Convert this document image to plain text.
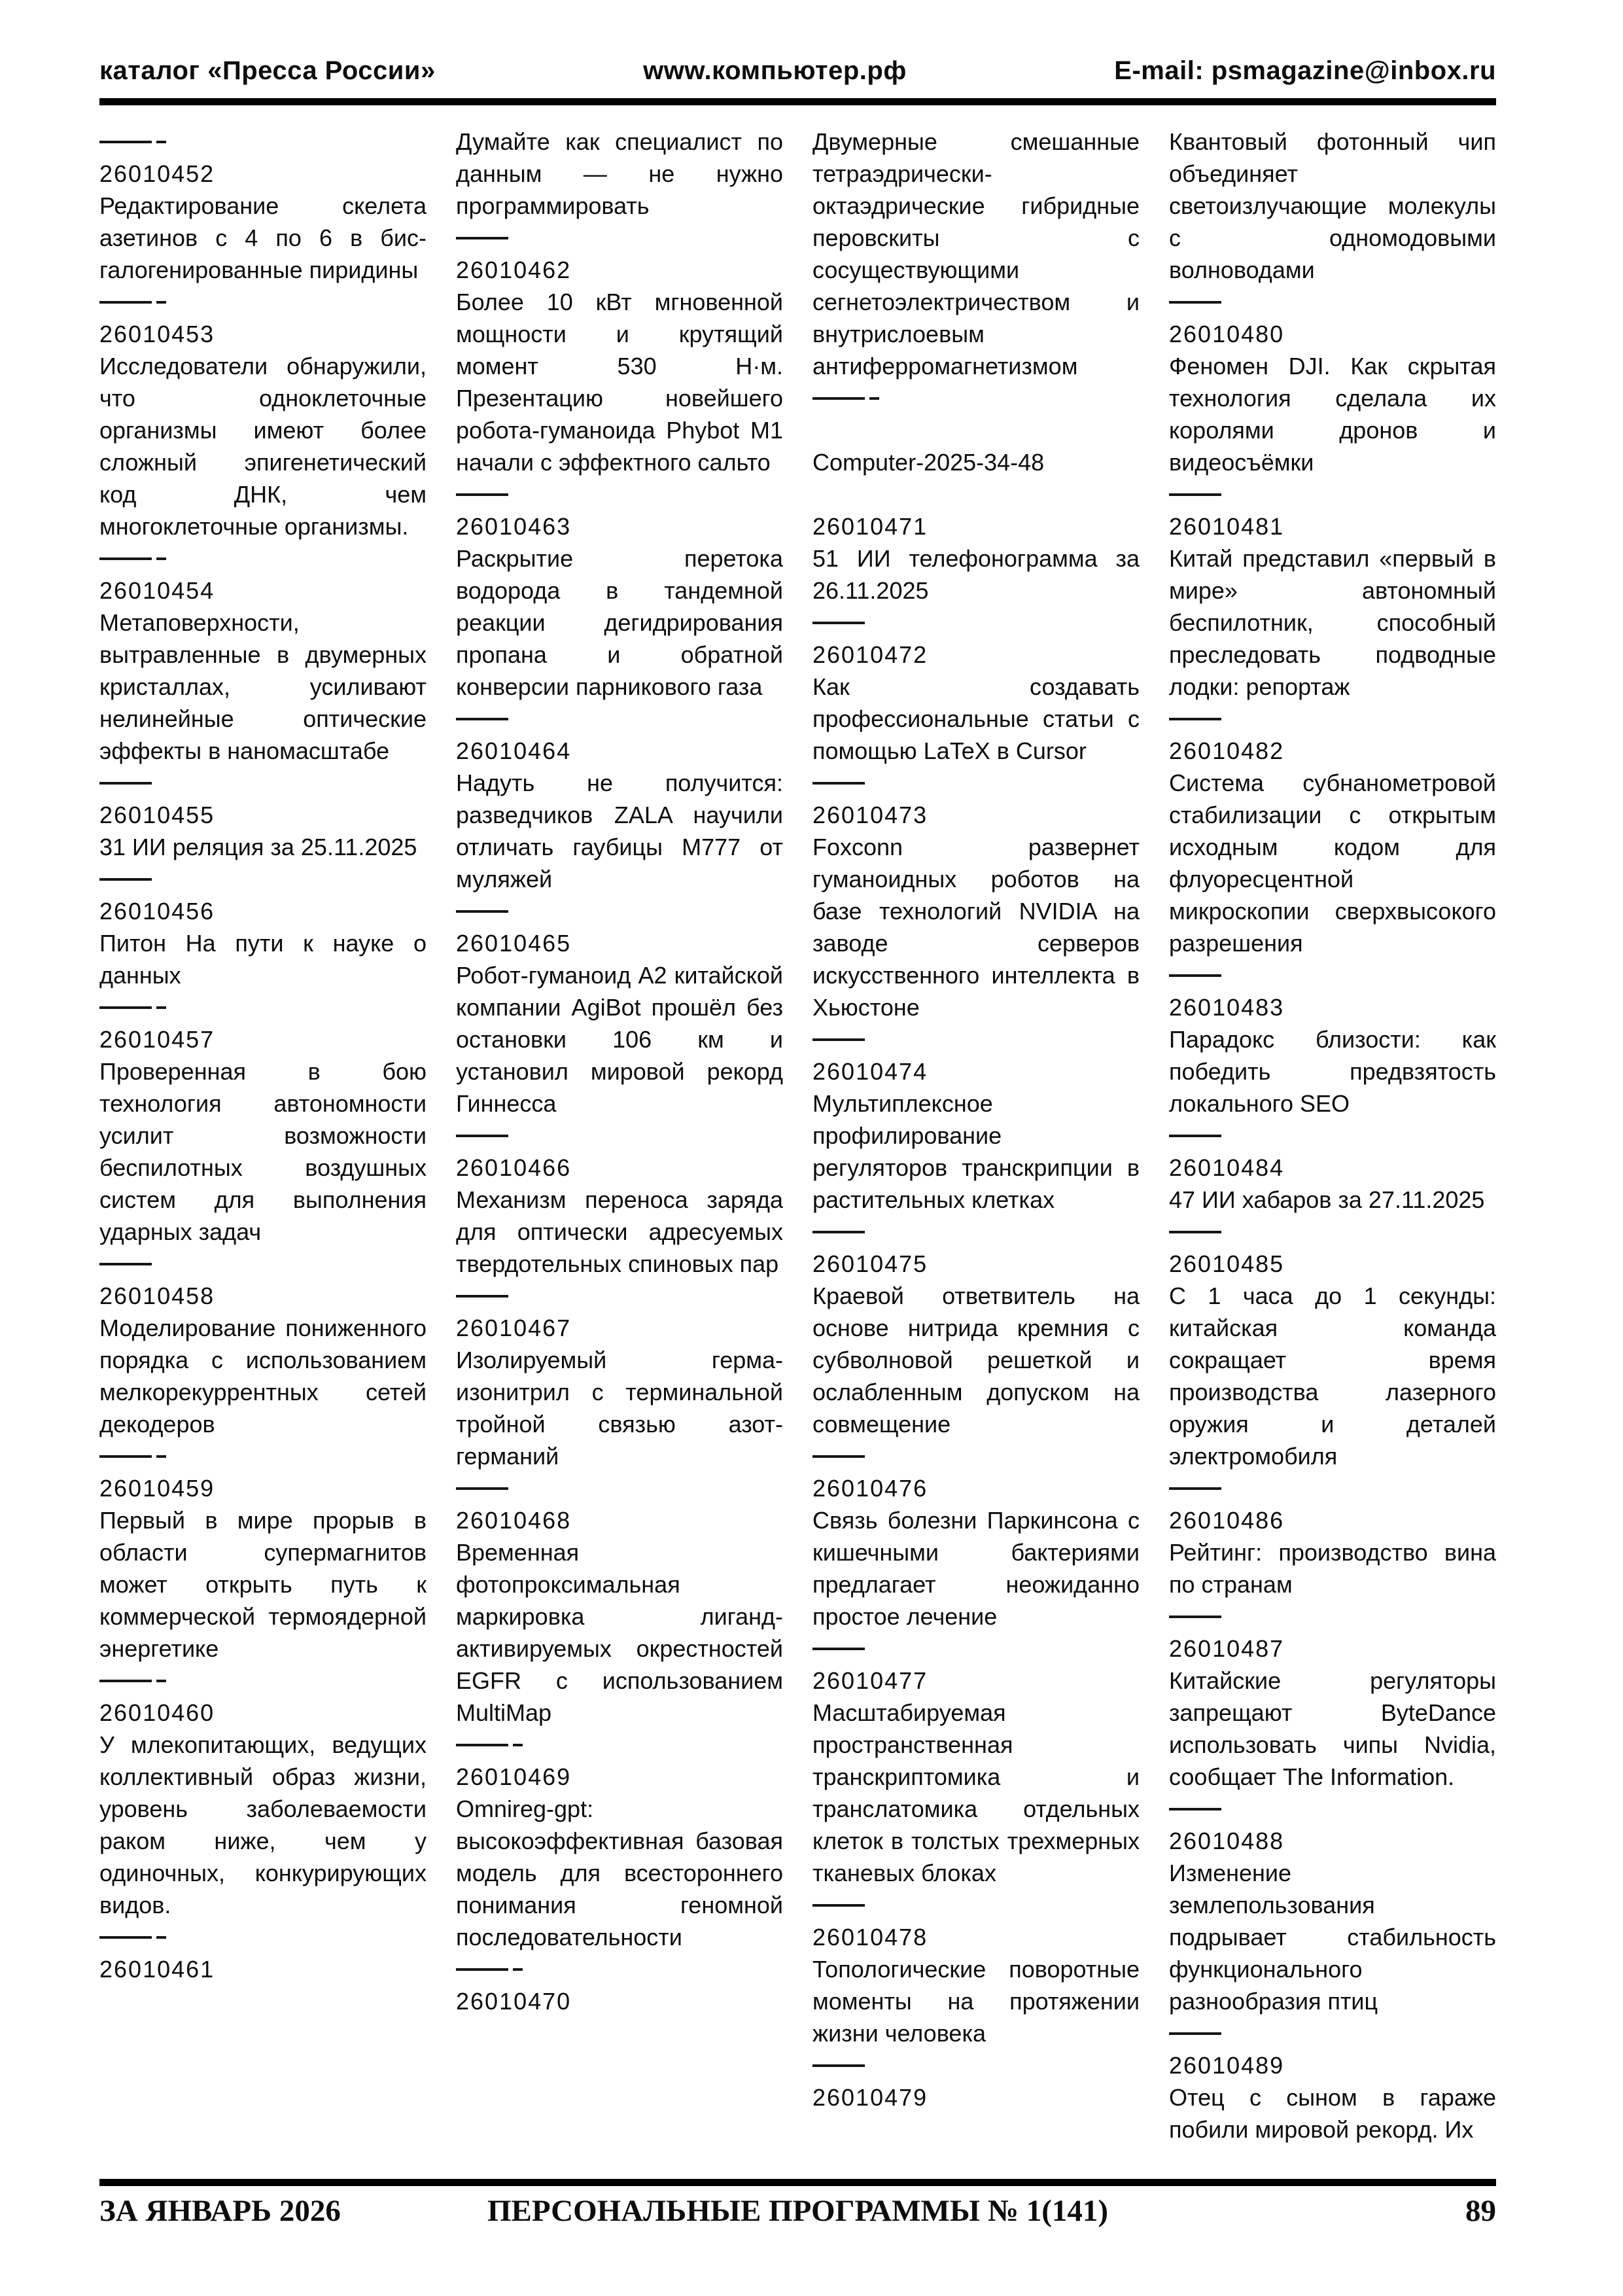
каталог «Пресса России»	www.компьютер.рф	E-mail: psmagazine@inbox.ru
26010452
Редактирование скелета азетинов с 4 по 6 в бис-галогенированные пиридины
26010453
Исследователи обнаружили, что одноклеточные организмы имеют более сложный эпигенетический код ДНК, чем многоклеточные организмы.
26010454
Метаповерхности, вытравленные в двумерных кристаллах, усиливают нелинейные оптические эффекты в наномасштабе
26010455
31 ИИ реляция за 25.11.2025
26010456
Питон На пути к науке о данных
26010457
Проверенная в бою технология автономности усилит возможности беспилотных воздушных систем для выполнения ударных задач
26010458
Моделирование пониженного порядка с использованием мелкорекуррентных сетей декодеров
26010459
Первый в мире прорыв в области супермагнитов может открыть путь к коммерческой термоядерной энергетике
26010460
У млекопитающих, ведущих коллективный образ жизни, уровень заболеваемости раком ниже, чем у одиночных, конкурирующих видов.
26010461
Думайте как специалист по данным — не нужно программировать
26010462
Более 10 кВт мгновенной мощности и крутящий момент 530 Н·м. Презентацию новейшего робота-гуманоида Phybot M1 начали с эффектного сальто
26010463
Раскрытие перетока водорода в тандемной реакции дегидрирования пропана и обратной конверсии парникового газа
26010464
Надуть не получится: разведчиков ZALA научили отличать гаубицы M777 от муляжей
26010465
Робот-гуманоид A2 китайской компании AgiBot прошёл без остановки 106 км и установил мировой рекорд Гиннесса
26010466
Механизм переноса заряда для оптически адресуемых твердотельных спиновых пар
26010467
Изолируемый герма-изонитрил с терминальной тройной связью азот-германий
26010468
Временная фотопроксимальная маркировка лиганд-активируемых окрестностей EGFR с использованием MultiMap
26010469
Omnireg-gpt: высокоэффективная базовая модель для всестороннего понимания геномной последовательности
26010470
Двумерные смешанные тетраэдрически-октаэдрические гибридные перовскиты с сосуществующими сегнетоэлектричеством и внутрислоевым антиферромагнетизмом
Computer-2025-34-48
26010471
51 ИИ телефонограмма за 26.11.2025
26010472
Как создавать профессиональные статьи с помощью LaTeX в Cursor
26010473
Foxconn развернет гуманоидных роботов на базе технологий NVIDIA на заводе серверов искусственного интеллекта в Хьюстоне
26010474
Мультиплексное профилирование регуляторов транскрипции в растительных клетках
26010475
Краевой ответвитель на основе нитрида кремния с субволновой решеткой и ослабленным допуском на совмещение
26010476
Связь болезни Паркинсона с кишечными бактериями предлагает неожиданно простое лечение
26010477
Масштабируемая пространственная транскриптомика и транслатомика отдельных клеток в толстых трехмерных тканевых блоках
26010478
Топологические поворотные моменты на протяжении жизни человека
26010479
Квантовый фотонный чип объединяет светоизлучающие молекулы с одномодовыми волноводами
26010480
Феномен DJI. Как скрытая технология сделала их королями дронов и видеосъёмки
26010481
Китай представил «первый в мире» автономный беспилотник, способный преследовать подводные лодки: репортаж
26010482
Система субнанометровой стабилизации с открытым исходным кодом для флуоресцентной микроскопии сверхвысокого разрешения
26010483
Парадокс близости: как победить предвзятость локального SEO
26010484
47 ИИ хабаров за 27.11.2025
26010485
С 1 часа до 1 секунды: китайская команда сокращает время производства лазерного оружия и деталей электромобиля
26010486
Рейтинг: производство вина по странам
26010487
Китайские регуляторы запрещают ByteDance использовать чипы Nvidia, сообщает The Information.
26010488
Изменение землепользования подрывает стабильность функционального разнообразия птиц
26010489
Отец с сыном в гараже побили мировой рекорд. Их
ЗА ЯНВАРЬ 2026	ПЕРСОНАЛЬНЫЕ ПРОГРАММЫ № 1(141)	89
